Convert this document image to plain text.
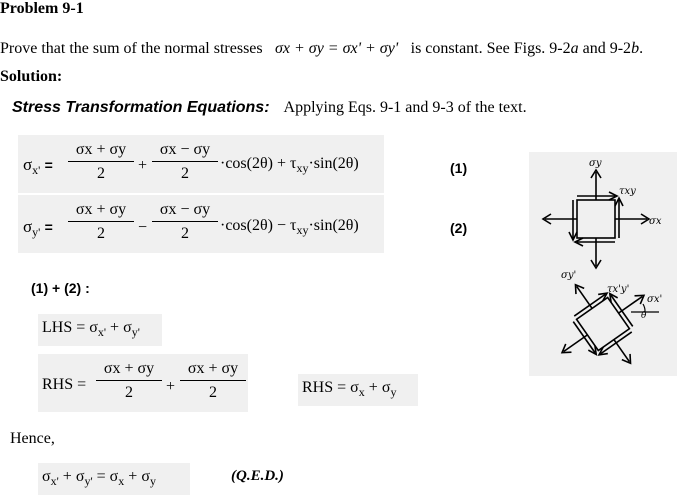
Problem 9-1
Prove that the sum of the normal stresses σx + σy = σx' + σy' is constant. See Figs. 9-2a and 9-2b.
Solution:
Stress Transformation Equations: Applying Eqs. 9-1 and 9-3 of the text.
$\sigma_{x'}$ =
σx + σy
2	+
σx − σy
2
$\cdot\cos(2\theta) + \tau_{xy}\cdot\sin(2\theta)$	(1)
$\sigma_{y'}$ =
σx + σy
2	−
σx − σy
2	$\cdot\cos(2\theta) - \tau_{xy}\cdot\sin(2\theta)$	(2)
(1) + (2) :
LHS = $\sigma_{x'} + \sigma_{y'}$
RHS =
σx + σy
2	+
σx + σy
2	RHS = $\sigma_x + \sigma_y$
Hence,
$\sigma_{x'} + \sigma_{y'} = \sigma_x + \sigma_y$	(Q.E.D.)
σy
τxy
σx
σy'
τx'y'
σx'
θ
